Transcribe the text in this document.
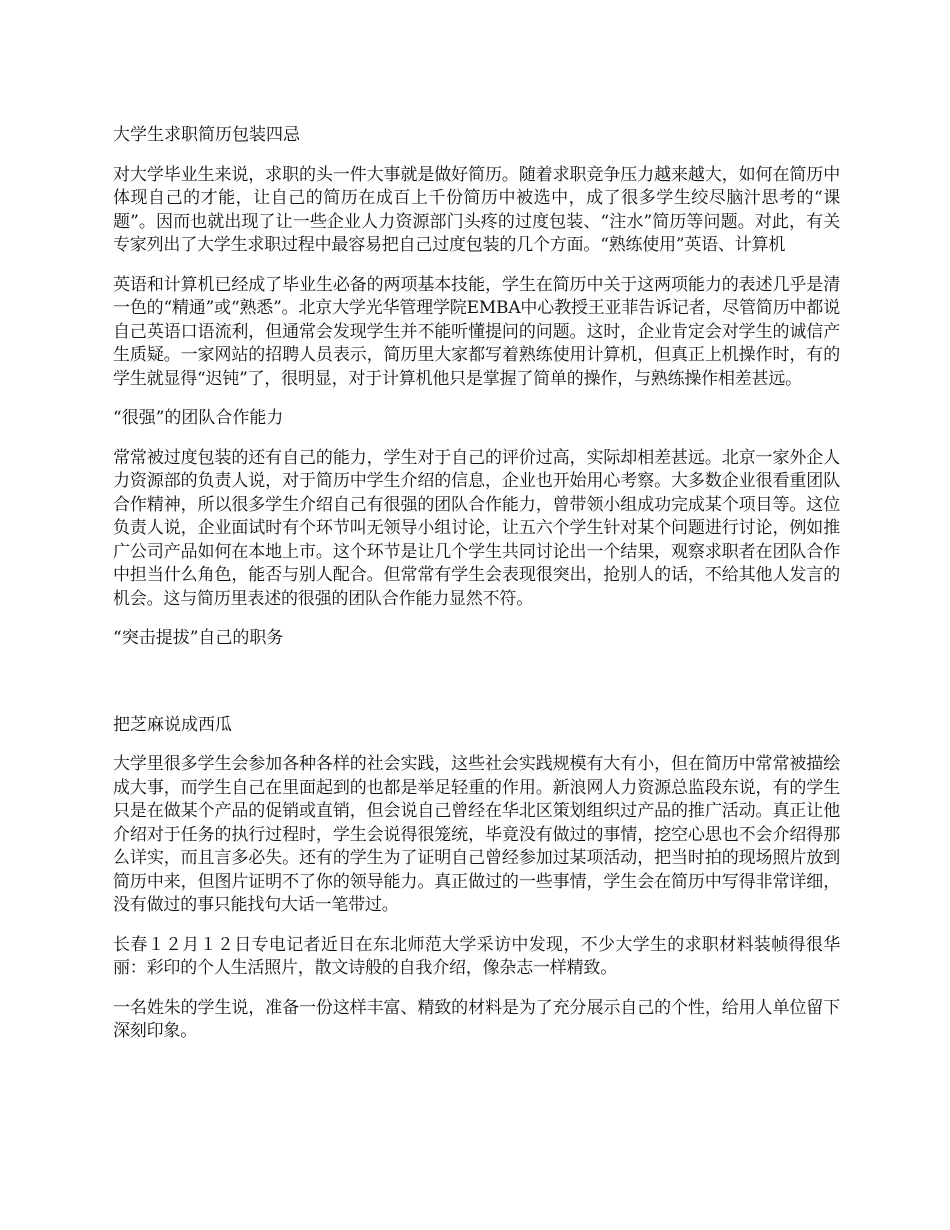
大学生求职简历包装四忌

对大学毕业生来说，求职的头一件大事就是做好简历。随着求职竞争压力越来越大，如何在简历中体现自己的才能，让自己的简历在成百上千份简历中被选中，成了很多学生绞尽脑汁思考的“课题”。因而也就出现了让一些企业人力资源部门头疼的过度包装、“注水”简历等问题。对此，有关专家列出了大学生求职过程中最容易把自己过度包装的几个方面。“熟练使用”英语、计算机

英语和计算机已经成了毕业生必备的两项基本技能，学生在简历中关于这两项能力的表述几乎是清一色的“精通”或“熟悉”。北京大学光华管理学院EMBA中心教授王亚菲告诉记者，尽管简历中都说自己英语口语流利，但通常会发现学生并不能听懂提问的问题。这时，企业肯定会对学生的诚信产生质疑。一家网站的招聘人员表示，简历里大家都写着熟练使用计算机，但真正上机操作时，有的学生就显得“迟钝”了，很明显，对于计算机他只是掌握了简单的操作，与熟练操作相差甚远。

“很强”的团队合作能力

常常被过度包装的还有自己的能力，学生对于自己的评价过高，实际却相差甚远。北京一家外企人力资源部的负责人说，对于简历中学生介绍的信息，企业也开始用心考察。大多数企业很看重团队合作精神，所以很多学生介绍自己有很强的团队合作能力，曾带领小组成功完成某个项目等。这位负责人说，企业面试时有个环节叫无领导小组讨论，让五六个学生针对某个问题进行讨论，例如推广公司产品如何在本地上市。这个环节是让几个学生共同讨论出一个结果，观察求职者在团队合作中担当什么角色，能否与别人配合。但常常有学生会表现很突出，抢别人的话，不给其他人发言的机会。这与简历里表述的很强的团队合作能力显然不符。

“突击提拔”自己的职务

把芝麻说成西瓜

大学里很多学生会参加各种各样的社会实践，这些社会实践规模有大有小，但在简历中常常被描绘成大事，而学生自己在里面起到的也都是举足轻重的作用。新浪网人力资源总监段东说，有的学生只是在做某个产品的促销或直销，但会说自己曾经在华北区策划组织过产品的推广活动。真正让他介绍对于任务的执行过程时，学生会说得很笼统，毕竟没有做过的事情，挖空心思也不会介绍得那么详实，而且言多必失。还有的学生为了证明自己曾经参加过某项活动，把当时拍的现场照片放到简历中来，但图片证明不了你的领导能力。真正做过的一些事情，学生会在简历中写得非常详细，没有做过的事只能找句大话一笔带过。

长春１２月１２日专电记者近日在东北师范大学采访中发现，不少大学生的求职材料装帧得很华丽：彩印的个人生活照片，散文诗般的自我介绍，像杂志一样精致。

一名姓朱的学生说，准备一份这样丰富、精致的材料是为了充分展示自己的个性，给用人单位留下深刻印象。
